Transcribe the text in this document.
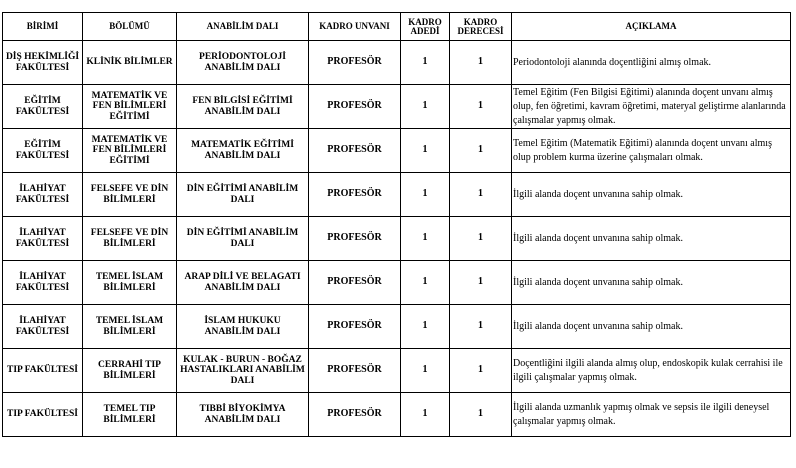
BİRİMİ	BÖLÜMÜ	ANABİLİM DALI	KADRO UNVANI	KADRO ADEDİ	KADRO DERECESİ	AÇIKLAMA
DİŞ HEKİMLİĞİ FAKÜLTESİ	KLİNİK BİLİMLER	PERİODONTOLOJİ ANABİLİM DALI	PROFESÖR	1	1	Periodontoloji alanında doçentliğini almış olmak.
EĞİTİM FAKÜLTESİ	MATEMATİK VE FEN BİLİMLERİ EĞİTİMİ	FEN BİLGİSİ EĞİTİMİ ANABİLİM DALI	PROFESÖR	1	1	Temel Eğitim (Fen Bilgisi Eğitimi) alanında doçent unvanı almış olup, fen öğretimi, kavram öğretimi, materyal geliştirme alanlarında çalışmalar yapmış olmak.
EĞİTİM FAKÜLTESİ	MATEMATİK VE FEN BİLİMLERİ EĞİTİMİ	MATEMATİK EĞİTİMİ ANABİLİM DALI	PROFESÖR	1	1	Temel Eğitim (Matematik Eğitimi) alanında doçent unvanı almış olup problem kurma üzerine çalışmaları olmak.
İLAHİYAT FAKÜLTESİ	FELSEFE VE DİN BİLİMLERİ	DİN EĞİTİMİ ANABİLİM DALI	PROFESÖR	1	1	İlgili alanda doçent unvanına sahip olmak.
İLAHİYAT FAKÜLTESİ	FELSEFE VE DİN BİLİMLERİ	DİN EĞİTİMİ ANABİLİM DALI	PROFESÖR	1	1	İlgili alanda doçent unvanına sahip olmak.
İLAHİYAT FAKÜLTESİ	TEMEL İSLAM BİLİMLERİ	ARAP DİLİ VE BELAGATI ANABİLİM DALI	PROFESÖR	1	1	İlgili alanda doçent unvanına sahip olmak.
İLAHİYAT FAKÜLTESİ	TEMEL İSLAM BİLİMLERİ	İSLAM HUKUKU ANABİLİM DALI	PROFESÖR	1	1	İlgili alanda doçent unvanına sahip olmak.
TIP FAKÜLTESİ	CERRAHİ TIP BİLİMLERİ	KULAK - BURUN - BOĞAZ HASTALIKLARI ANABİLİM DALI	PROFESÖR	1	1	Doçentliğini ilgili alanda almış olup, endoskopik kulak cerrahisi ile ilgili çalışmalar yapmış olmak.
TIP FAKÜLTESİ	TEMEL TIP BİLİMLERİ	TIBBİ BİYOKİMYA ANABİLİM DALI	PROFESÖR	1	1	İlgili alanda uzmanlık yapmış olmak ve sepsis ile ilgili deneysel çalışmalar yapmış olmak.
